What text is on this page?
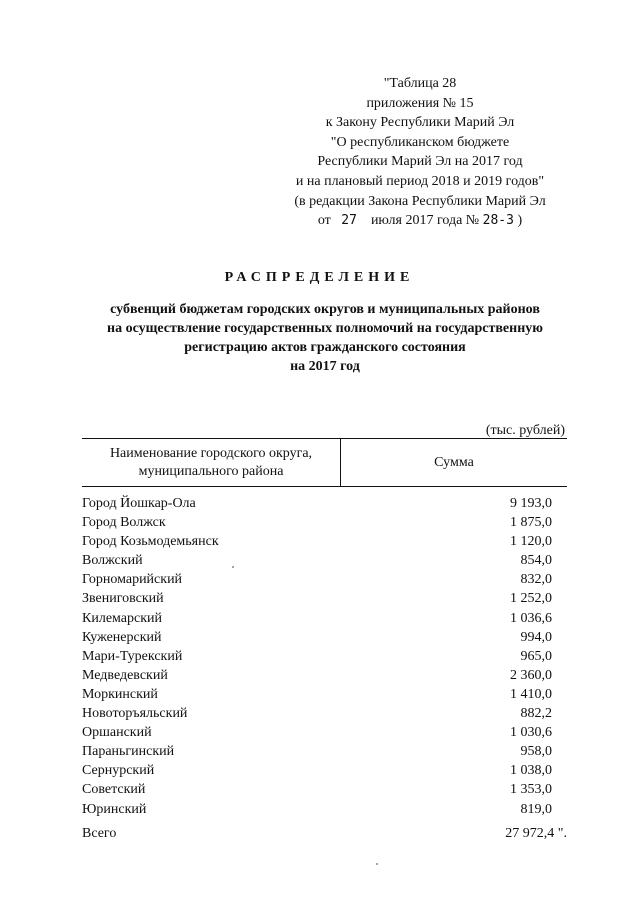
"Таблица 28
приложения № 15
к Закону Республики Марий Эл
"О республиканском бюджете
Республики Марий Эл на 2017 год
и на плановый период 2018 и 2019 годов"
(в редакции Закона Республики Марий Эл
от 27 июля 2017 года № 28-З )
РАСПРЕДЕЛЕНИЕ
субвенций бюджетам городских округов и муниципальных районов
на осуществление государственных полномочий на государственную
регистрацию актов гражданского состояния
на 2017 год
(тыс. рублей)
Наименование городского округа,
муниципального района
Сумма
Город Йошкар-Ола	9 193,0
Город Волжск	1 875,0
Город Козьмодемьянск	1 120,0
Волжский	854,0
Горномарийский	832,0
Звениговский	1 252,0
Килемарский	1 036,6
Куженерский	994,0
Мари-Турекский	965,0
Медведевский	2 360,0
Моркинский	1 410,0
Новоторъяльский	882,2
Оршанский	1 030,6
Параньгинский	958,0
Сернурский	1 038,0
Советский	1 353,0
Юринский	819,0
Всего	27 972,4 ".
